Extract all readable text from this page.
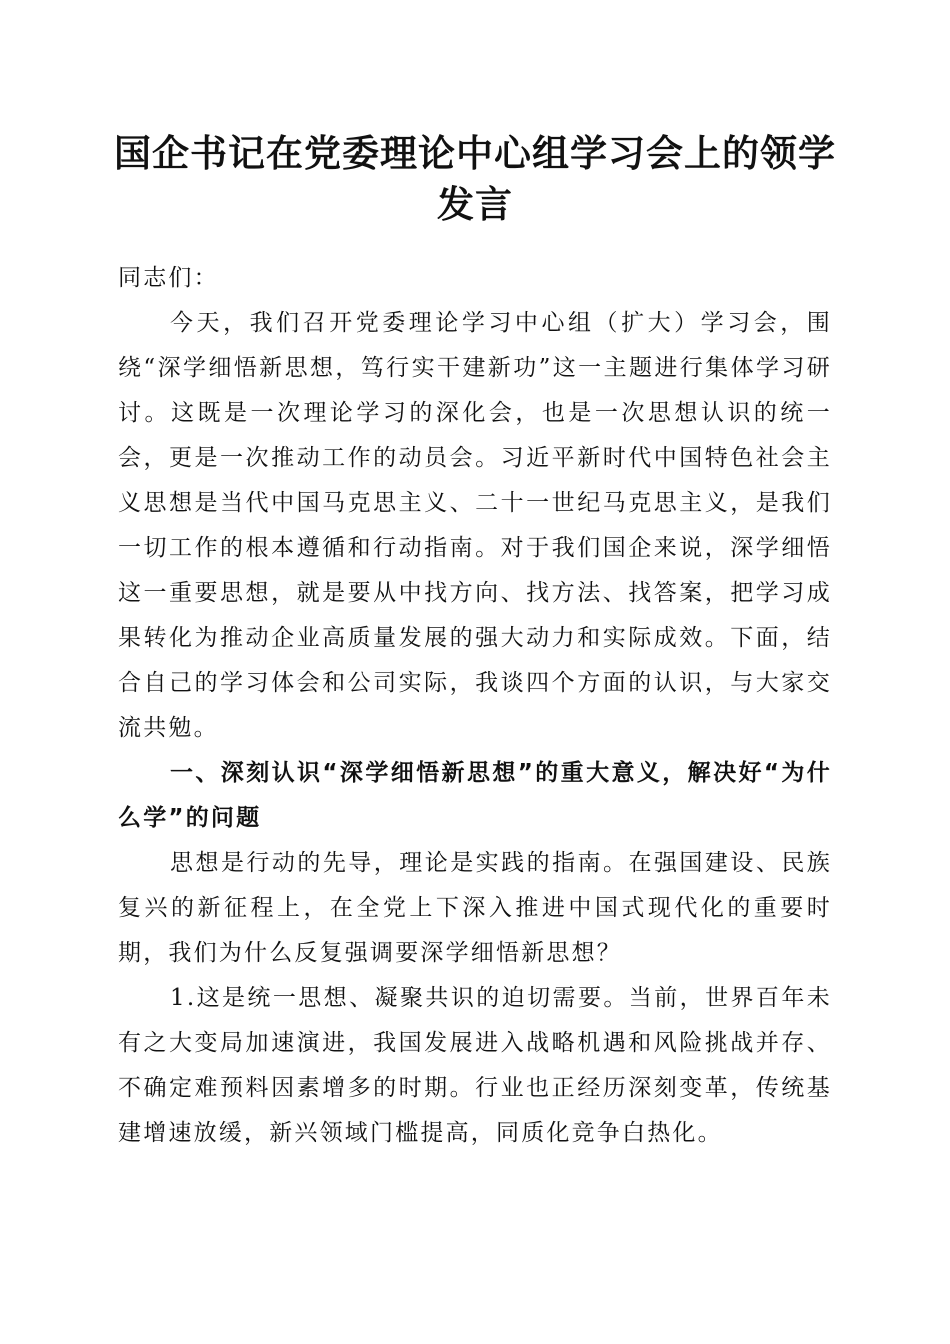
国企书记在党委理论中心组学习会上的领学发言

同志们：

今天，我们召开党委理论学习中心组（扩大）学习会，围绕“深学细悟新思想，笃行实干建新功”这一主题进行集体学习研讨。这既是一次理论学习的深化会，也是一次思想认识的统一会，更是一次推动工作的动员会。习近平新时代中国特色社会主义思想是当代中国马克思主义、二十一世纪马克思主义，是我们一切工作的根本遵循和行动指南。对于我们国企来说，深学细悟这一重要思想，就是要从中找方向、找方法、找答案，把学习成果转化为推动企业高质量发展的强大动力和实际成效。下面，结合自己的学习体会和公司实际，我谈四个方面的认识，与大家交流共勉。

一、深刻认识“深学细悟新思想”的重大意义，解决好“为什么学”的问题

思想是行动的先导，理论是实践的指南。在强国建设、民族复兴的新征程上，在全党上下深入推进中国式现代化的重要时期，我们为什么反复强调要深学细悟新思想？

1.这是统一思想、凝聚共识的迫切需要。当前，世界百年未有之大变局加速演进，我国发展进入战略机遇和风险挑战并存、不确定难预料因素增多的时期。行业也正经历深刻变革，传统基建增速放缓，新兴领域门槛提高，同质化竞争白热化。
